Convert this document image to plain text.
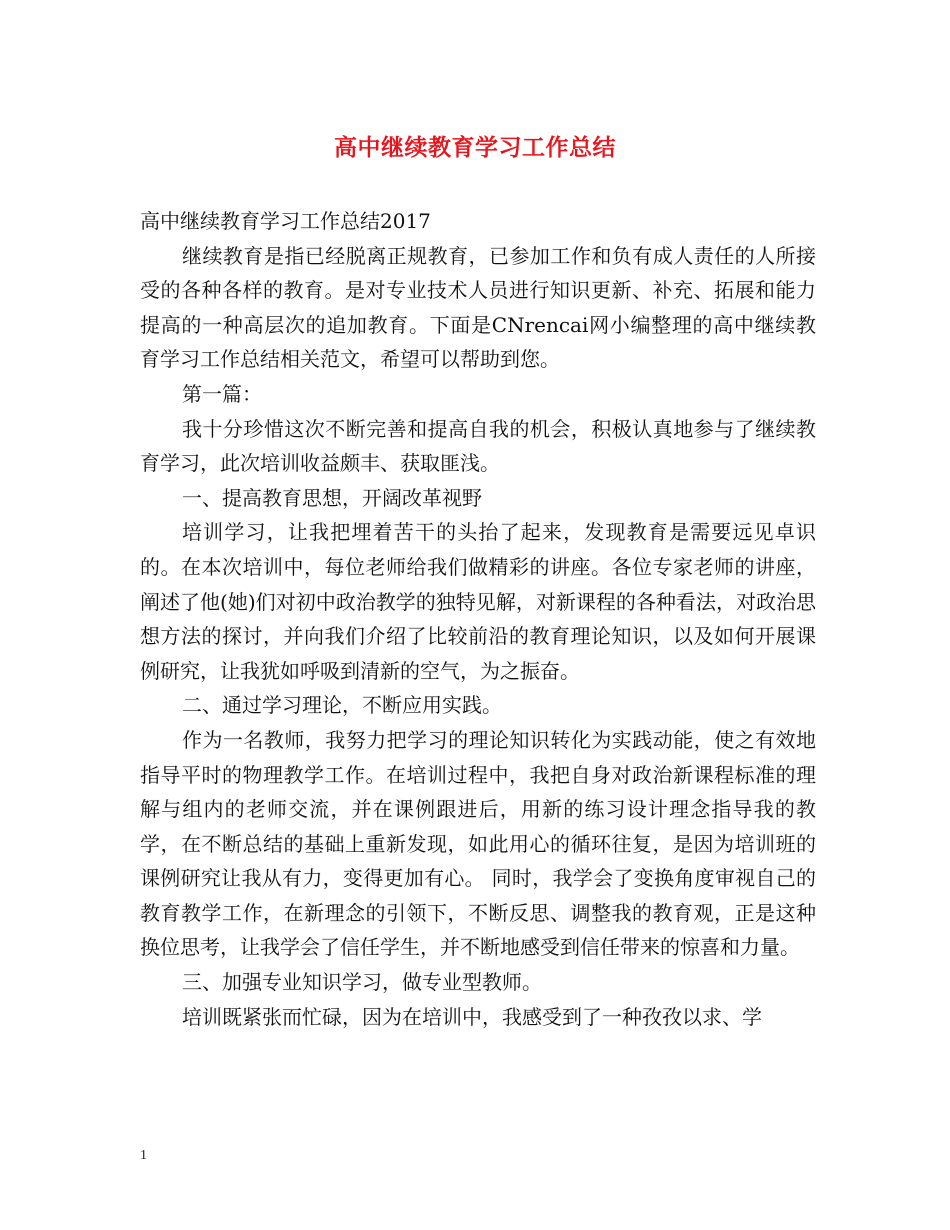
高中继续教育学习工作总结

高中继续教育学习工作总结2017

继续教育是指已经脱离正规教育，已参加工作和负有成人责任的人所接受的各种各样的教育。是对专业技术人员进行知识更新、补充、拓展和能力提高的一种高层次的追加教育。下面是CNrencai网小编整理的高中继续教育学习工作总结相关范文，希望可以帮助到您。

第一篇：

我十分珍惜这次不断完善和提高自我的机会，积极认真地参与了继续教育学习，此次培训收益颇丰、获取匪浅。

一、提高教育思想，开阔改革视野

培训学习，让我把埋着苦干的头抬了起来，发现教育是需要远见卓识的。在本次培训中，每位老师给我们做精彩的讲座。各位专家老师的讲座，阐述了他(她)们对初中政治教学的独特见解，对新课程的各种看法，对政治思想方法的探讨，并向我们介绍了比较前沿的教育理论知识，以及如何开展课例研究，让我犹如呼吸到清新的空气，为之振奋。

二、通过学习理论，不断应用实践。

作为一名教师，我努力把学习的理论知识转化为实践动能，使之有效地指导平时的物理教学工作。在培训过程中，我把自身对政治新课程标准的理解与组内的老师交流，并在课例跟进后，用新的练习设计理念指导我的教学，在不断总结的基础上重新发现，如此用心的循环往复，是因为培训班的课例研究让我从有力，变得更加有心。 同时，我学会了变换角度审视自己的教育教学工作，在新理念的引领下，不断反思、调整我的教育观，正是这种换位思考，让我学会了信任学生，并不断地感受到信任带来的惊喜和力量。

三、加强专业知识学习，做专业型教师。

培训既紧张而忙碌，因为在培训中，我感受到了一种孜孜以求、学

1
